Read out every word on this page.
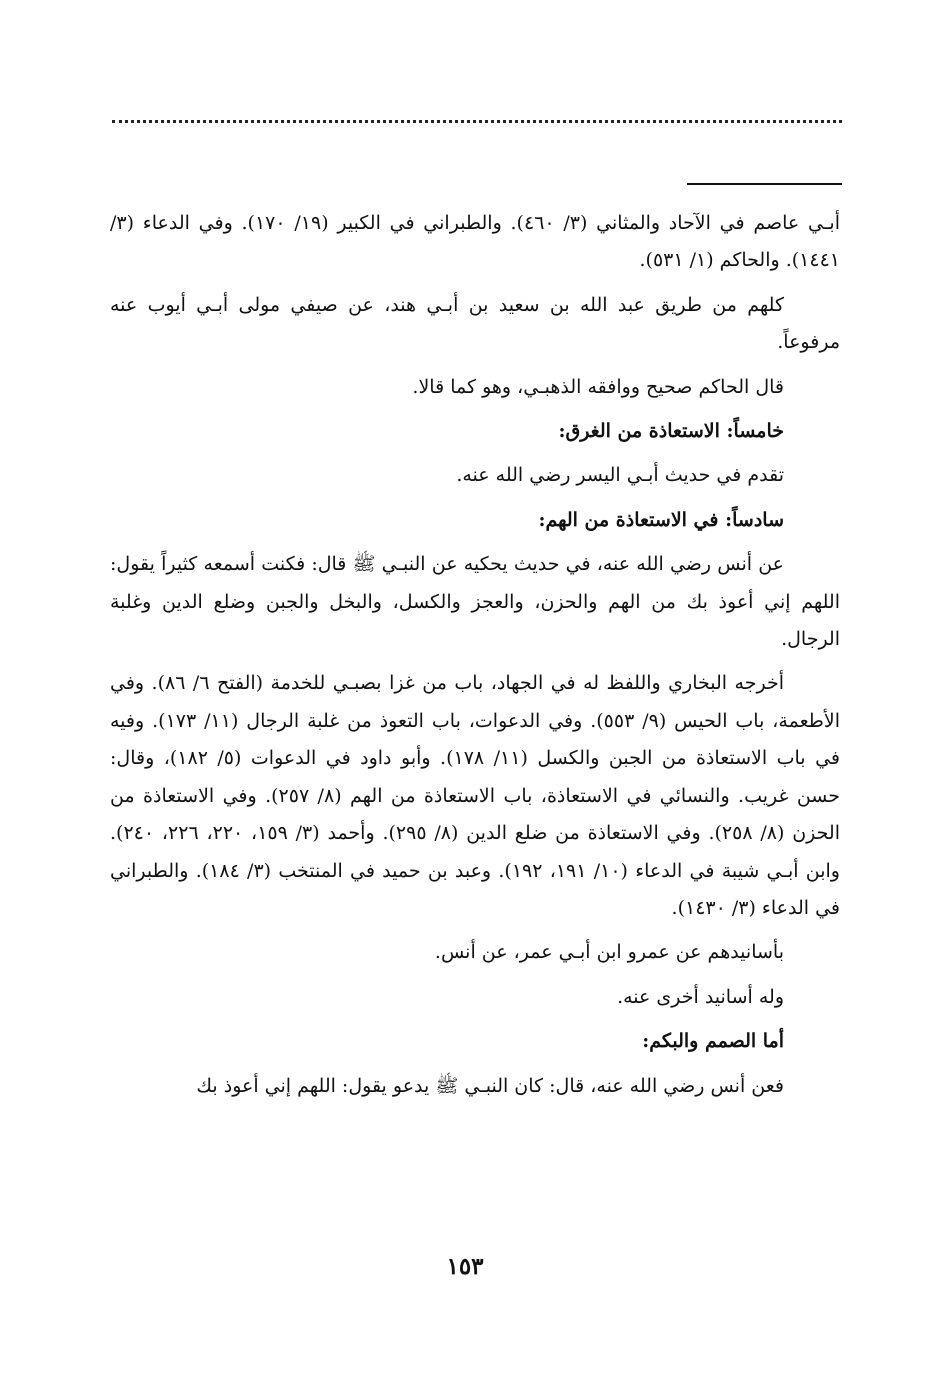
أبـي عاصم في الآحاد والمثاني (٣/ ٤٦٠). والطبراني في الكبير (١٩/ ١٧٠). وفي الدعاء (٣/ ١٤٤١). والحاكم (١/ ٥٣١).

كلهم من طريق عبد الله بن سعيد بن أبـي هند، عن صيفي مولى أبـي أيوب عنه مرفوعاً.

قال الحاكم صحيح ووافقه الذهبـي، وهو كما قالا.

خامساً: الاستعاذة من الغرق:

تقدم في حديث أبـي اليسر رضي الله عنه.

سادساً: في الاستعاذة من الهم:

عن أنس رضي الله عنه، في حديث يحكيه عن النبـي ﷺ قال: فكنت أسمعه كثيراً يقول: اللهم إني أعوذ بك من الهم والحزن، والعجز والكسل، والبخل والجبن وضلع الدين وغلبة الرجال.

أخرجه البخاري واللفظ له في الجهاد، باب من غزا بصبـي للخدمة (الفتح ٦/ ٨٦). وفي الأطعمة، باب الحيس (٩/ ٥٥٣). وفي الدعوات، باب التعوذ من غلبة الرجال (١١/ ١٧٣). وفيه في باب الاستعاذة من الجبن والكسل (١١/ ١٧٨). وأبو داود في الدعوات (٥/ ١٨٢)، وقال: حسن غريب. والنسائي في الاستعاذة، باب الاستعاذة من الهم (٨/ ٢٥٧). وفي الاستعاذة من الحزن (٨/ ٢٥٨). وفي الاستعاذة من ضلع الدين (٨/ ٢٩٥). وأحمد (٣/ ١٥٩، ٢٢٠، ٢٢٦، ٢٤٠). وابن أبـي شيبة في الدعاء (١٠/ ١٩١، ١٩٢). وعبد بن حميد في المنتخب (٣/ ١٨٤). والطبراني في الدعاء (٣/ ١٤٣٠).

بأسانيدهم عن عمرو ابن أبـي عمر، عن أنس.

وله أسانيد أخرى عنه.

أما الصمم والبكم:

فعن أنس رضي الله عنه، قال: كان النبـي ﷺ يدعو يقول: اللهم إني أعوذ بك

١٥٣
